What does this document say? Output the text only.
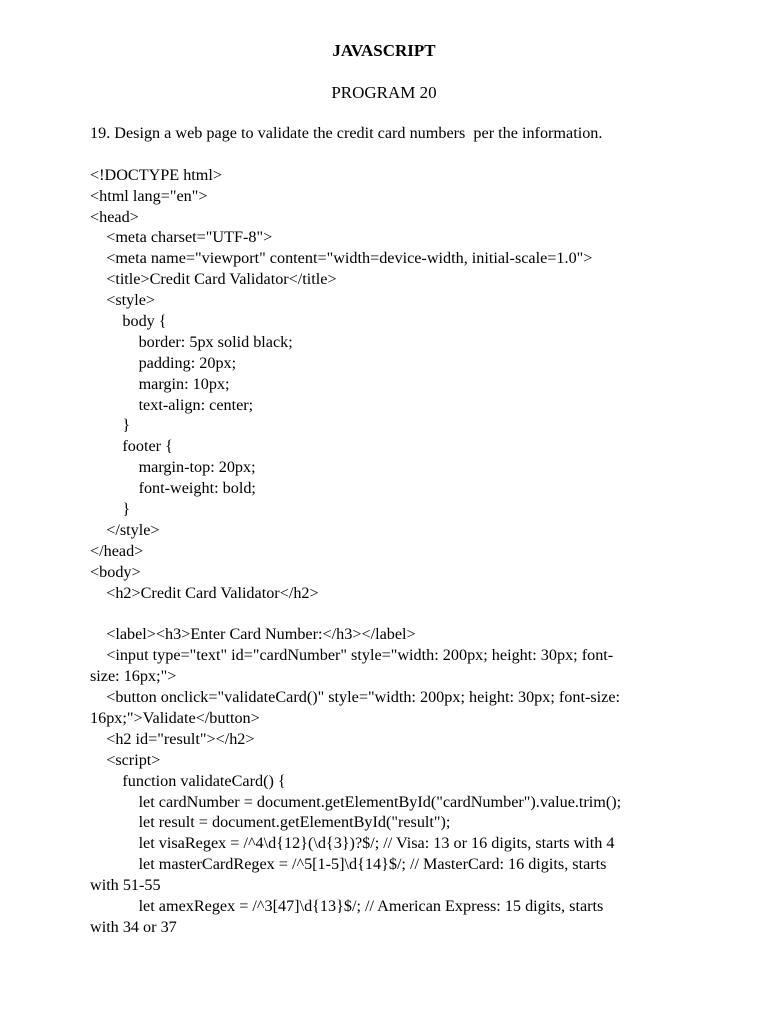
JAVASCRIPT
PROGRAM 20
19. Design a web page to validate the credit card numbers  per the information.
<!DOCTYPE html>
<html lang="en">
<head>
<meta charset="UTF-8">
<meta name="viewport" content="width=device-width, initial-scale=1.0">
<title>Credit Card Validator</title>
<style>
body {
border: 5px solid black;
padding: 20px;
margin: 10px;
text-align: center;
}
footer {
margin-top: 20px;
font-weight: bold;
}
</style>
</head>
<body>
<h2>Credit Card Validator</h2>
<label><h3>Enter Card Number:</h3></label>
<input type="text" id="cardNumber" style="width: 200px; height: 30px; font-
size: 16px;">
<button onclick="validateCard()" style="width: 200px; height: 30px; font-size:
16px;">Validate</button>
<h2 id="result"></h2>
<script>
function validateCard() {
let cardNumber = document.getElementById("cardNumber").value.trim();
let result = document.getElementById("result");
let visaRegex = /^4\d{12}(\d{3})?$/; // Visa: 13 or 16 digits, starts with 4
let masterCardRegex = /^5[1-5]\d{14}$/; // MasterCard: 16 digits, starts
with 51-55
let amexRegex = /^3[47]\d{13}$/; // American Express: 15 digits, starts
with 34 or 37
